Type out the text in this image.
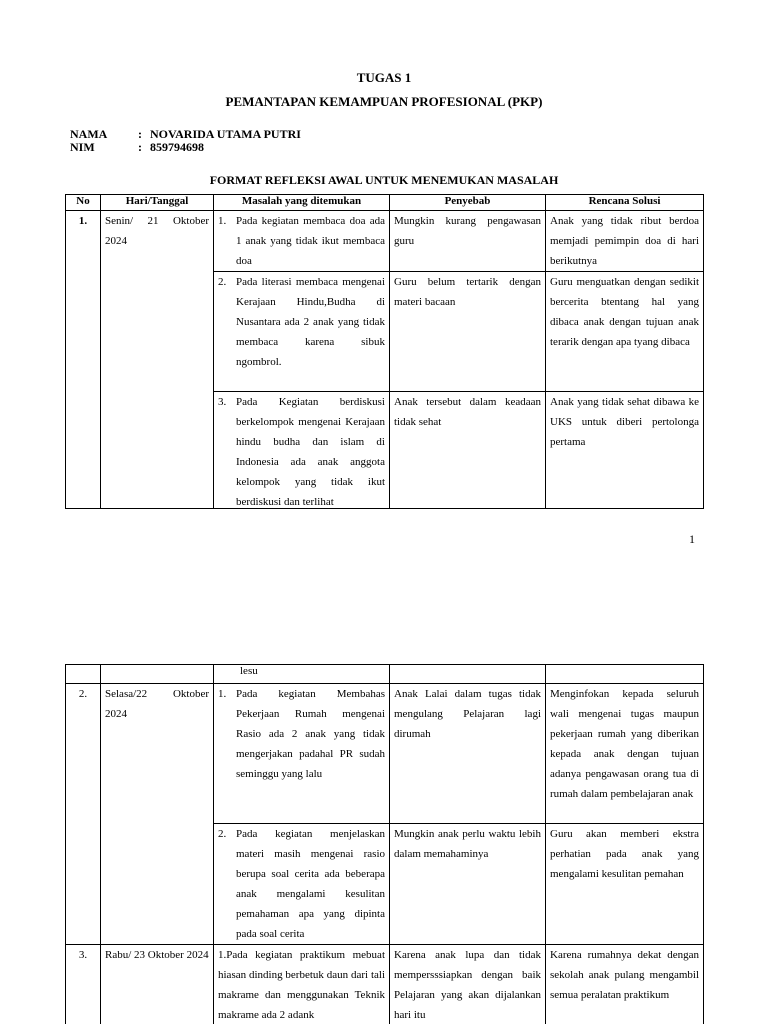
TUGAS 1
PEMANTAPAN KEMAMPUAN PROFESIONAL (PKP)
NAMA	: NOVARIDA UTAMA PUTRI
NIM	: 859794698
FORMAT REFLEKSI AWAL UNTUK MENEMUKAN MASALAH
No	Hari/Tanggal	Masalah yang ditemukan	Penyebab	Rencana Solusi
1.	Senin/ 21 Oktober 2024	1. Pada kegiatan membaca doa ada 1 anak yang tidak ikut membaca doa	Mungkin kurang pengawasan guru	Anak yang tidak ribut berdoa memjadi pemimpin doa di hari berikutnya

		2. Pada literasi membaca mengenai Kerajaan Hindu,Budha di Nusantara ada 2 anak yang tidak membaca karena sibuk ngombrol.	Guru belum tertarik dengan materi bacaan	Guru menguatkan dengan sedikit bercerita btentang hal yang dibaca anak dengan tujuan anak terarik dengan apa tyang dibaca

		3. Pada Kegiatan berdiskusi berkelompok mengenai Kerajaan hindu budha dan islam di Indonesia ada anak anggota kelompok yang tidak ikut berdiskusi dan terlihat	Anak tersebut dalam keadaan tidak sehat	Anak yang tidak sehat dibawa ke UKS untuk diberi pertolonga pertama
1

		lesu		

2.	Selasa/22 Oktober 2024	1. Pada kegiatan Membahas Pekerjaan Rumah mengenai Rasio ada 2 anak yang tidak mengerjakan padahal PR sudah seminggu yang lalu	Anak Lalai dalam tugas tidak mengulang Pelajaran lagi dirumah	Menginfokan kepada seluruh wali mengenai tugas maupun pekerjaan rumah yang diberikan kepada anak dengan tujuan adanya pengawasan orang tua di rumah dalam pembelajaran anak

		2. Pada kegiatan menjelaskan materi masih mengenai rasio berupa soal cerita ada beberapa anak mengalami kesulitan pemahaman apa yang dipinta pada soal cerita	Mungkin anak perlu waktu lebih dalam memahaminya	Guru akan memberi ekstra perhatian pada anak yang mengalami kesulitan pemahan
3.	Rabu/ 23 Oktober 2024	1.Pada kegiatan praktikum mebuat hiasan dinding berbetuk daun dari tali makrame dan menggunakan Teknik makrame ada 2 adank	Karena anak lupa dan tidak mempersssiapkan dengan baik Pelajaran yang akan dijalankan hari itu	Karena rumahnya dekat dengan sekolah anak pulang mengambil semua peralatan praktikum
